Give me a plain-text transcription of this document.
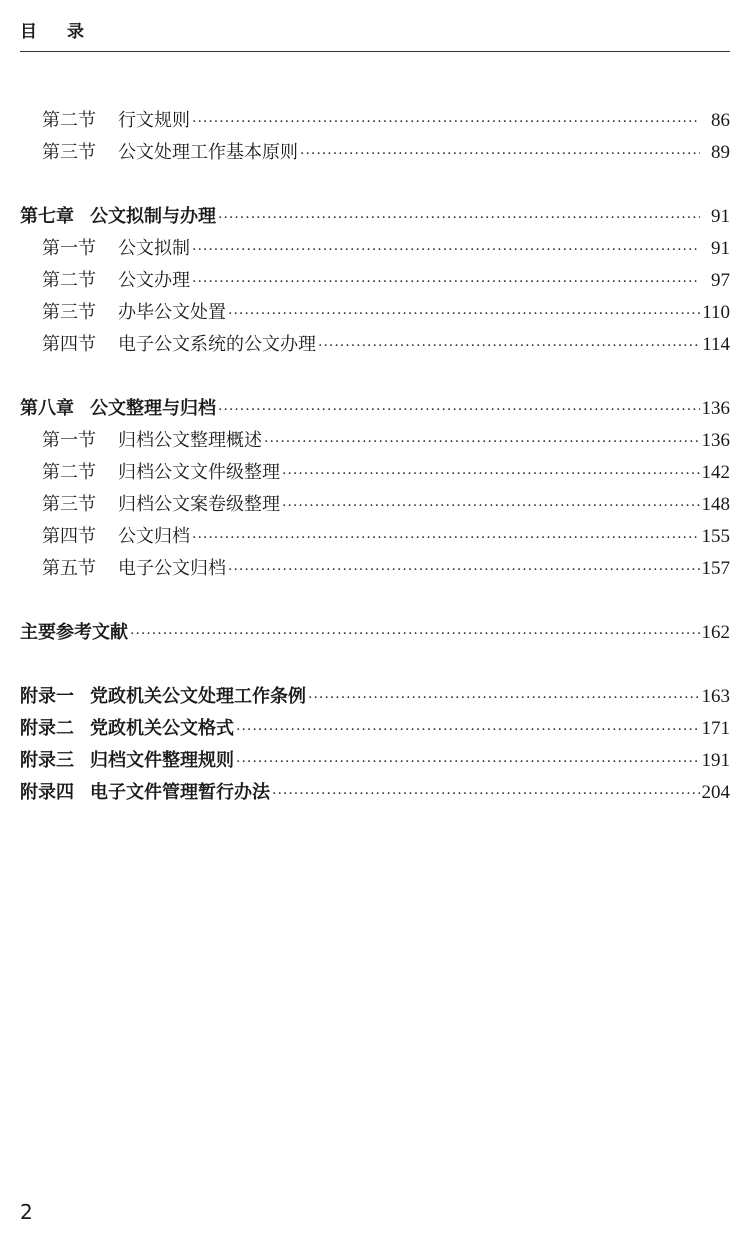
目录
第二节 行文规则 ·····	86
第三节 公文处理工作基本原则 ·····	89
第七章 公文拟制与办理 ·····	91
第一节 公文拟制 ·····	91
第二节 公文办理 ·····	97
第三节 办毕公文处置 ·····	110
第四节 电子公文系统的公文办理 ·····	114
第八章 公文整理与归档 ·····	136
第一节 归档公文整理概述 ·····	136
第二节 归档公文文件级整理 ·····	142
第三节 归档公文案卷级整理 ·····	148
第四节 公文归档 ·····	155
第五节 电子公文归档 ·····	157
主要参考文献 ·····	162
附录一 党政机关公文处理工作条例 ·····	163
附录二 党政机关公文格式 ·····	171
附录三 归档文件整理规则 ·····	191
附录四 电子文件管理暂行办法 ·····	204
2
